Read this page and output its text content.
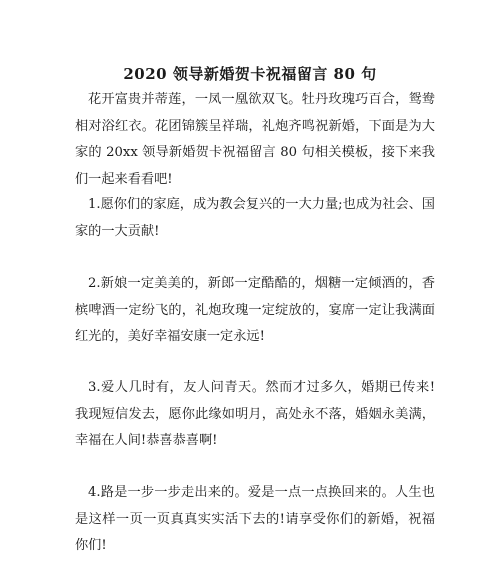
2020 领导新婚贺卡祝福留言 80 句

花开富贵并蒂莲，一凤一凰欲双飞。牡丹玫瑰巧百合，鸳鸯相对浴红衣。花团锦簇呈祥瑞，礼炮齐鸣祝新婚，下面是为大家的 20xx 领导新婚贺卡祝福留言 80 句相关模板，接下来我们一起来看看吧!

1.愿你们的家庭，成为教会复兴的一大力量;也成为社会、国家的一大贡献!

2.新娘一定美美的，新郎一定酷酷的，烟糖一定倾酒的，香槟啤酒一定纷飞的，礼炮玫瑰一定绽放的，宴席一定让我满面红光的，美好幸福安康一定永远!

3.爱人几时有，友人问青天。然而才过多久，婚期已传来!我现短信发去，愿你此缘如明月，高处永不落，婚姻永美满，幸福在人间!恭喜恭喜啊!

4.路是一步一步走出来的。爱是一点一点换回来的。人生也是这样一页一页真真实实活下去的!请享受你们的新婚，祝福你们!
